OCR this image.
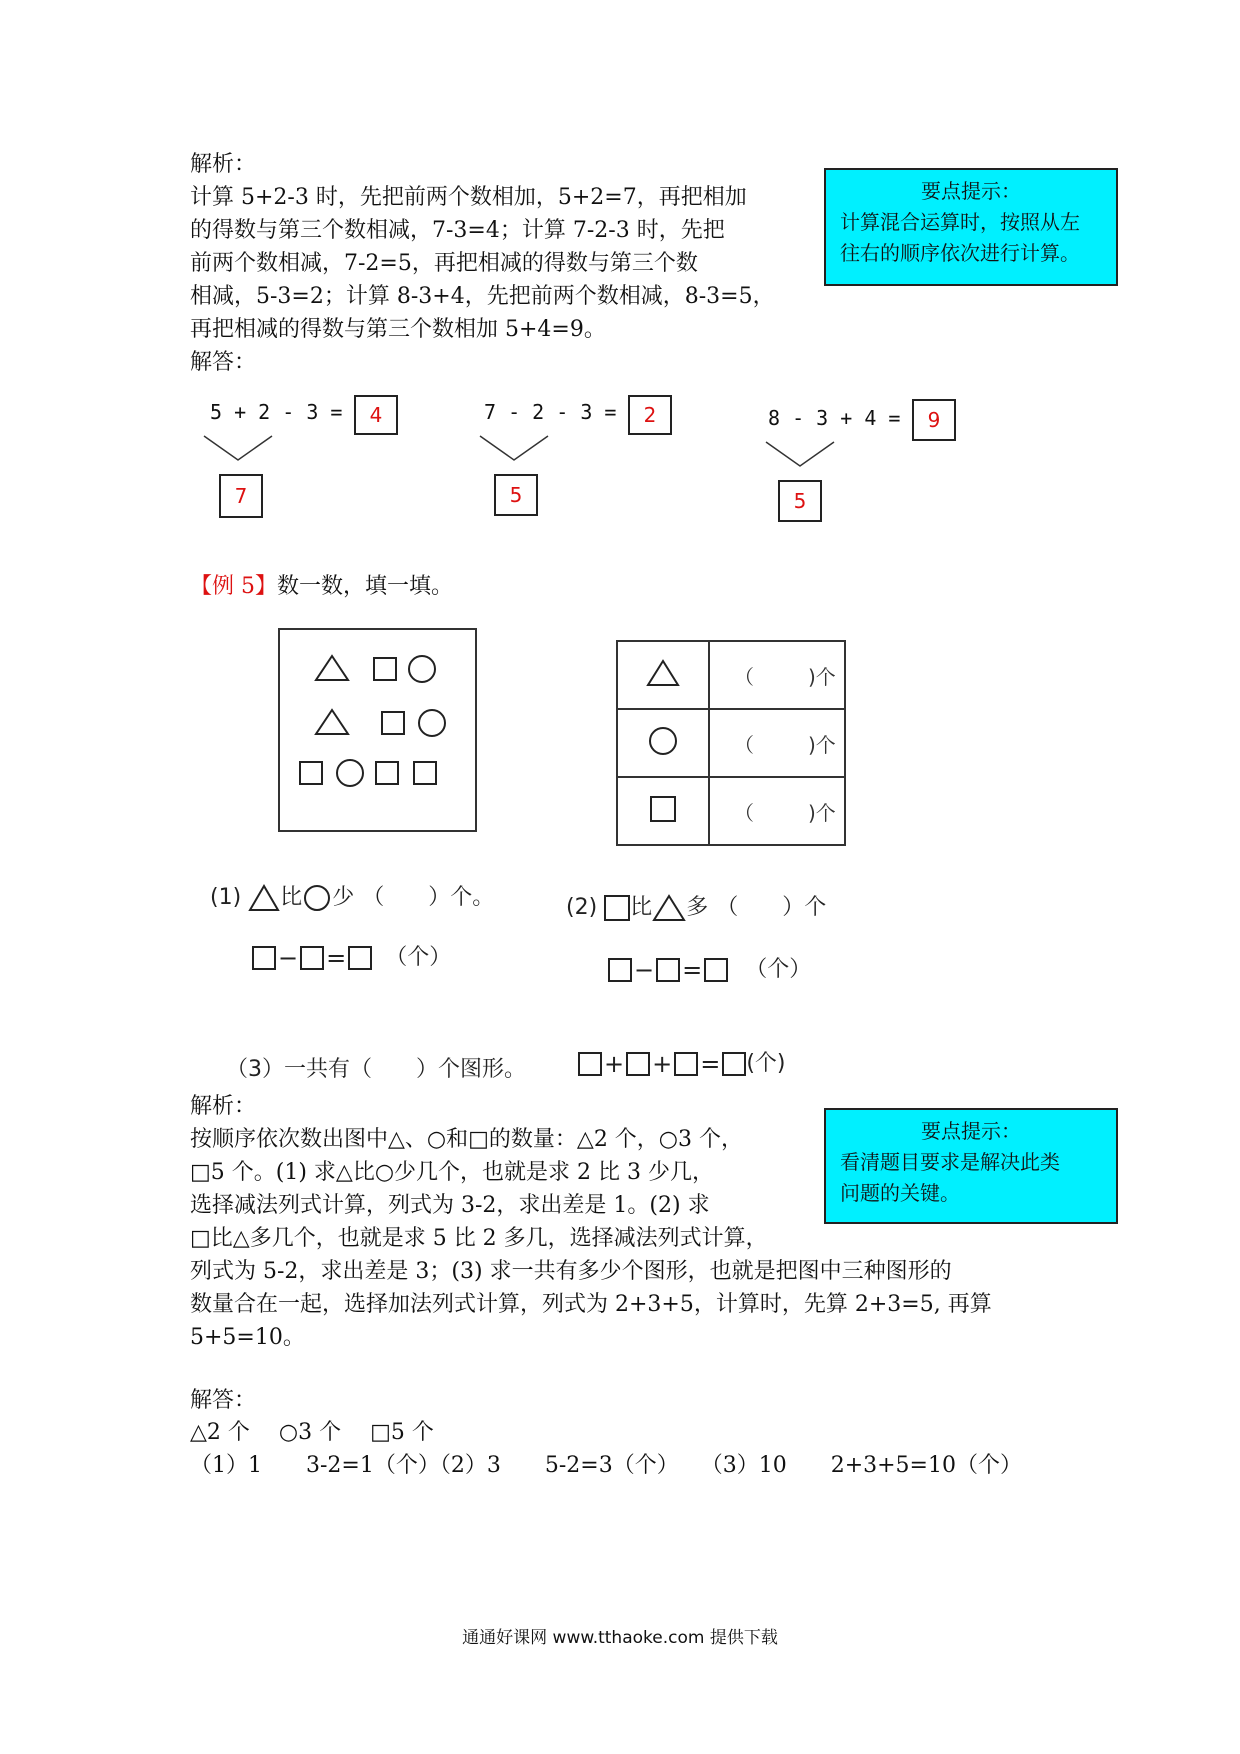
解析：
计算 5+2-3 时，先把前两个数相加，5+2=7，再把相加
的得数与第三个数相减，7-3=4；计算 7-2-3 时，先把
前两个数相减，7-2=5，再把相减的得数与第三个数
相减，5-3=2；计算 8-3+4，先把前两个数相减，8-3=5，
再把相减的得数与第三个数相加 5+4=9。
解答：
要点提示：
计算混合运算时，按照从左
往右的顺序依次进行计算。
5 + 2 - 3 =	4
7
7 - 2 - 3 =	2
5
8 - 3 + 4 =	9
5
【例 5】数一数，填一填。
	（ )个
	（ )个
	（ )个
(1) 比 少 （　　）个。
− = （个）
(2) 比 多 （　　）个
− = （个）
（3）一共有（　　）个图形。	+ + = (个)
解析：
按顺序依次数出图中△、○和□的数量：△2 个，○3 个，
□5 个。(1) 求△比○少几个，也就是求 2 比 3 少几，
选择减法列式计算，列式为 3-2，求出差是 1。(2) 求
□比△多几个，也就是求 5 比 2 多几，选择减法列式计算，
列式为 5-2，求出差是 3；(3) 求一共有多少个图形，也就是把图中三种图形的
数量合在一起，选择加法列式计算，列式为 2+3+5，计算时，先算 2+3=5, 再算
5+5=10。
要点提示：
看清题目要求是解决此类
问题的关键。
解答：
△2 个　 ○3 个　 □5 个
（1）1　　3-2=1（个）（2）3　　5-2=3（个）　　（3）10　　2+3+5=10（个）
通通好课网 www.tthaoke.com 提供下载
